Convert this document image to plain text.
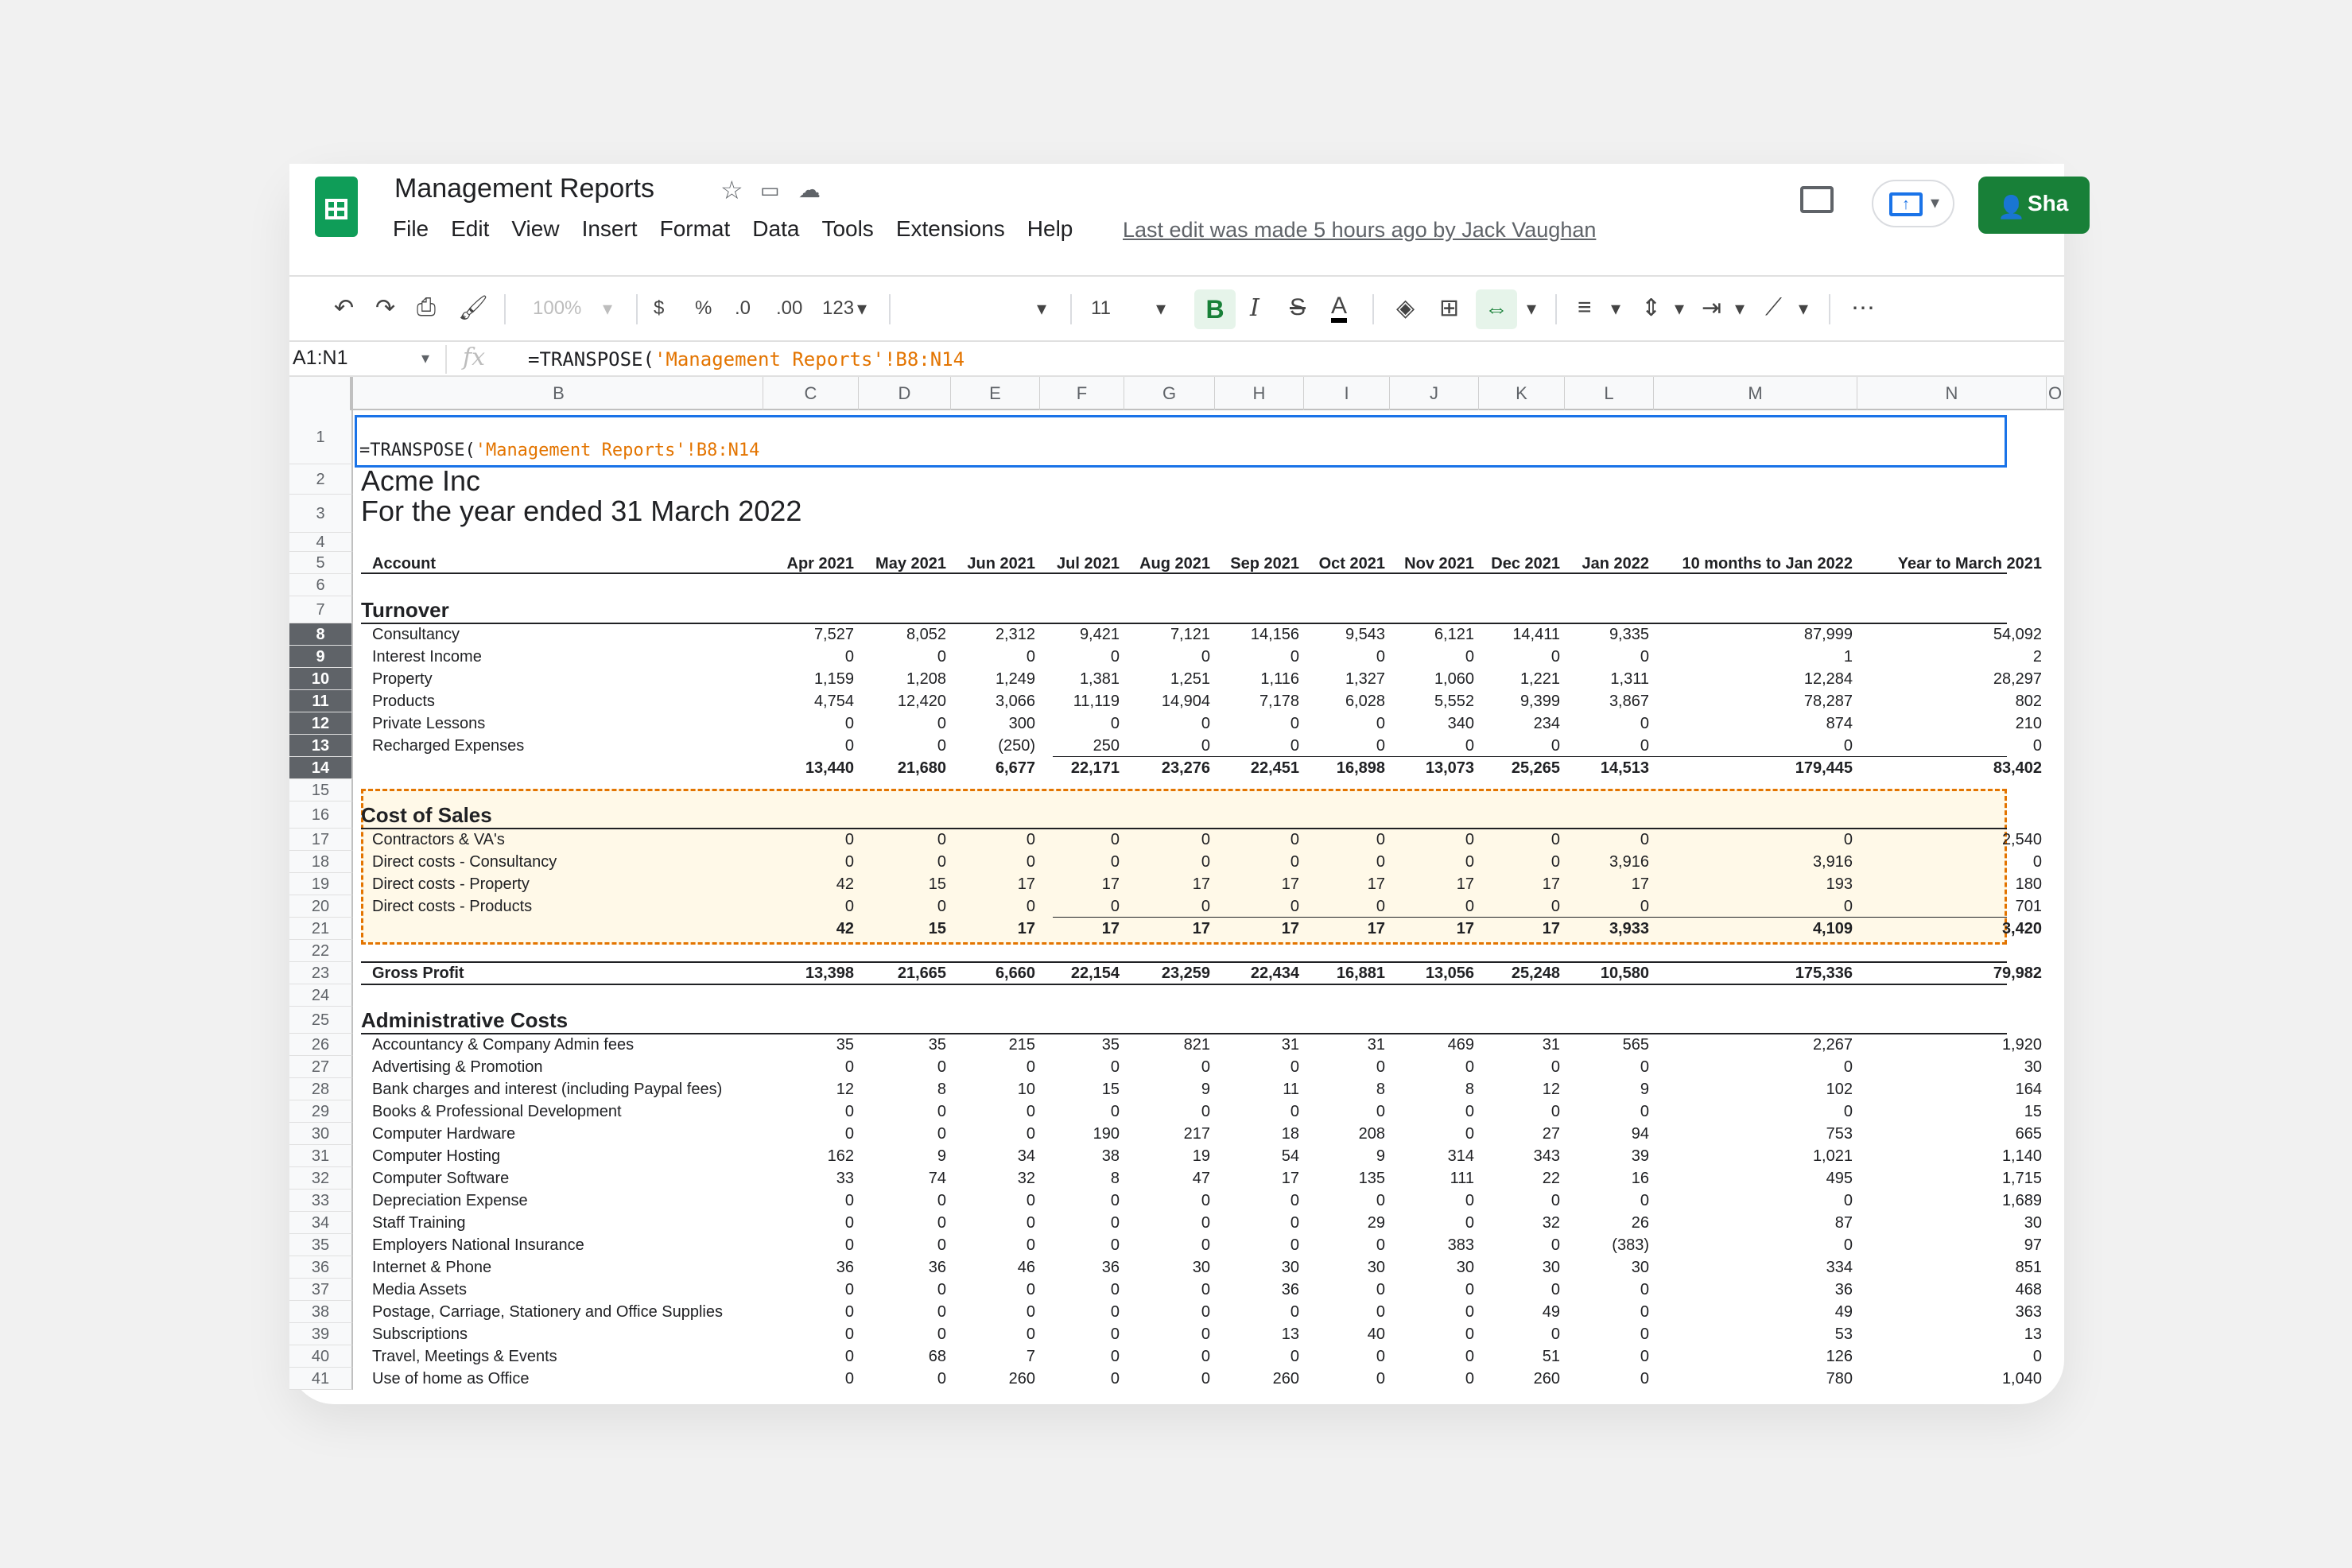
Management Reports	☆ ▭ ☁
File	Edit	View	Insert	Format	Data	Tools	Extensions	Help	Last edit was made 5 hours ago by Jack Vaughan
↑	▾	👤 Sha
↶ ↷ ⎙ 🖌 100% ▾ $ % .0 .00 123 ▾	▾ 11 ▾	B	I S A ◈ ⊞	⇔ ▾ ≡ ▾ ⇕ ▾ ⇥ ▾ ⟋ ▾ ⋯
A1:N1	▾ fx =TRANSPOSE('Management Reports'!B8:N14
B	C	D	E	F	G	H	I	J	K	L	M	N	O
=TRANSPOSE('Management Reports'!B8:N14
Acme Inc
For the year ended 31 March 2022
Account	Apr 2021	May 2021	Jun 2021	Jul 2021	Aug 2021	Sep 2021	Oct 2021	Nov 2021	Dec 2021	Jan 2022	10 months to Jan 2022	Year to March 2021
Turnover
Cost of Sales
Administrative Costs
Consultancy	7,527	8,052	2,312	9,421	7,121	14,156	9,543	6,121	14,411	9,335	87,999	54,092
Interest Income	0	0	0	0	0	0	0	0	0	0	1	2
Property	1,159	1,208	1,249	1,381	1,251	1,116	1,327	1,060	1,221	1,311	12,284	28,297
Products	4,754	12,420	3,066	11,119	14,904	7,178	6,028	5,552	9,399	3,867	78,287	802
Private Lessons	0	0	300	0	0	0	0	340	234	0	874	210
Recharged Expenses	0	0	(250)	250	0	0	0	0	0	0	0	0
13,440	21,680	6,677	22,171	23,276	22,451	16,898	13,073	25,265	14,513	179,445	83,402
Contractors & VA's	0	0	0	0	0	0	0	0	0	0	0	2,540
Direct costs - Consultancy	0	0	0	0	0	0	0	0	0	3,916	3,916	0
Direct costs - Property	42	15	17	17	17	17	17	17	17	17	193	180
Direct costs - Products	0	0	0	0	0	0	0	0	0	0	0	701
42	15	17	17	17	17	17	17	17	3,933	4,109	3,420
Gross Profit	13,398	21,665	6,660	22,154	23,259	22,434	16,881	13,056	25,248	10,580	175,336	79,982
Accountancy & Company Admin fees	35	35	215	35	821	31	31	469	31	565	2,267	1,920
Advertising & Promotion	0	0	0	0	0	0	0	0	0	0	0	30
Bank charges and interest (including Paypal fees)	12	8	10	15	9	11	8	8	12	9	102	164
Books & Professional Development	0	0	0	0	0	0	0	0	0	0	0	15
Computer Hardware	0	0	0	190	217	18	208	0	27	94	753	665
Computer Hosting	162	9	34	38	19	54	9	314	343	39	1,021	1,140
Computer Software	33	74	32	8	47	17	135	111	22	16	495	1,715
Depreciation Expense	0	0	0	0	0	0	0	0	0	0	0	1,689
Staff Training	0	0	0	0	0	0	29	0	32	26	87	30
Employers National Insurance	0	0	0	0	0	0	0	383	0	(383)	0	97
Internet & Phone	36	36	46	36	30	30	30	30	30	30	334	851
Media Assets	0	0	0	0	0	36	0	0	0	0	36	468
Postage, Carriage, Stationery and Office Supplies	0	0	0	0	0	0	0	0	49	0	49	363
Subscriptions	0	0	0	0	0	13	40	0	0	0	53	13
Travel, Meetings & Events	0	68	7	0	0	0	0	0	51	0	126	0
Use of home as Office	0	0	260	0	0	260	0	0	260	0	780	1,040
1
2
3
4
5
6
7
8
9
10
11
12
13
14
15
16
17
18
19
20
21
22
23
24
25
26
27
28
29
30
31
32
33
34
35
36
37
38
39
40
41
